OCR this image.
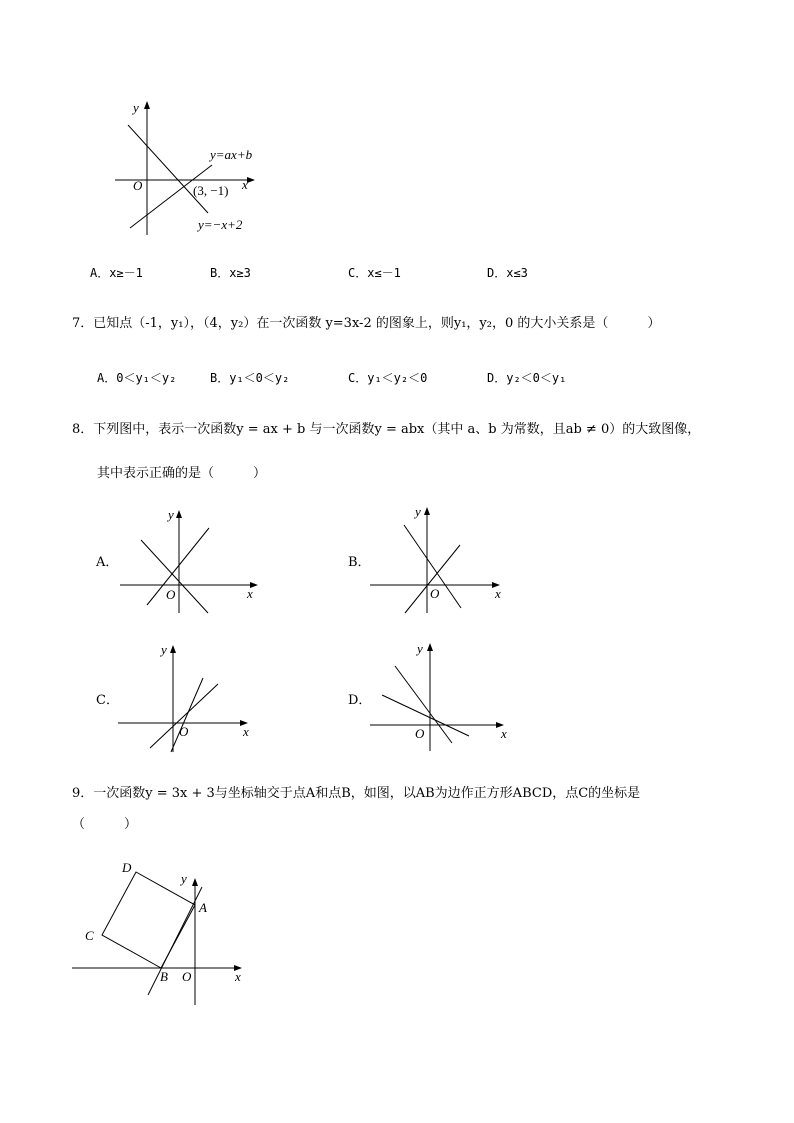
y
x
O
y=ax+b
(3, −1)
y=−x+2
A．x≥－1	B．x≥3	C．x≤－1	D．x≤3
7．已知点（-1，y₁），（4，y₂）在一次函数 y=3x-2 的图象上，则y₁，y₂，0 的大小关系是（　　　）
A．0＜y₁＜y₂	B．y₁＜0＜y₂	C．y₁＜y₂＜0	D．y₂＜0＜y₁
8．下列图中，表示一次函数y = ax + b 与一次函数y = abx（其中 a、b 为常数，且ab ≠ 0）的大致图像，
其中表示正确的是（　　　）
A．
y
x
O
B．
y
x
O
C．
y
x
O
D．
y
x
O
9．一次函数y = 3x + 3与坐标轴交于点A和点B，如图，以AB为边作正方形ABCD，点C的坐标是
（　　　）
y
x
O
A
B
C
D
